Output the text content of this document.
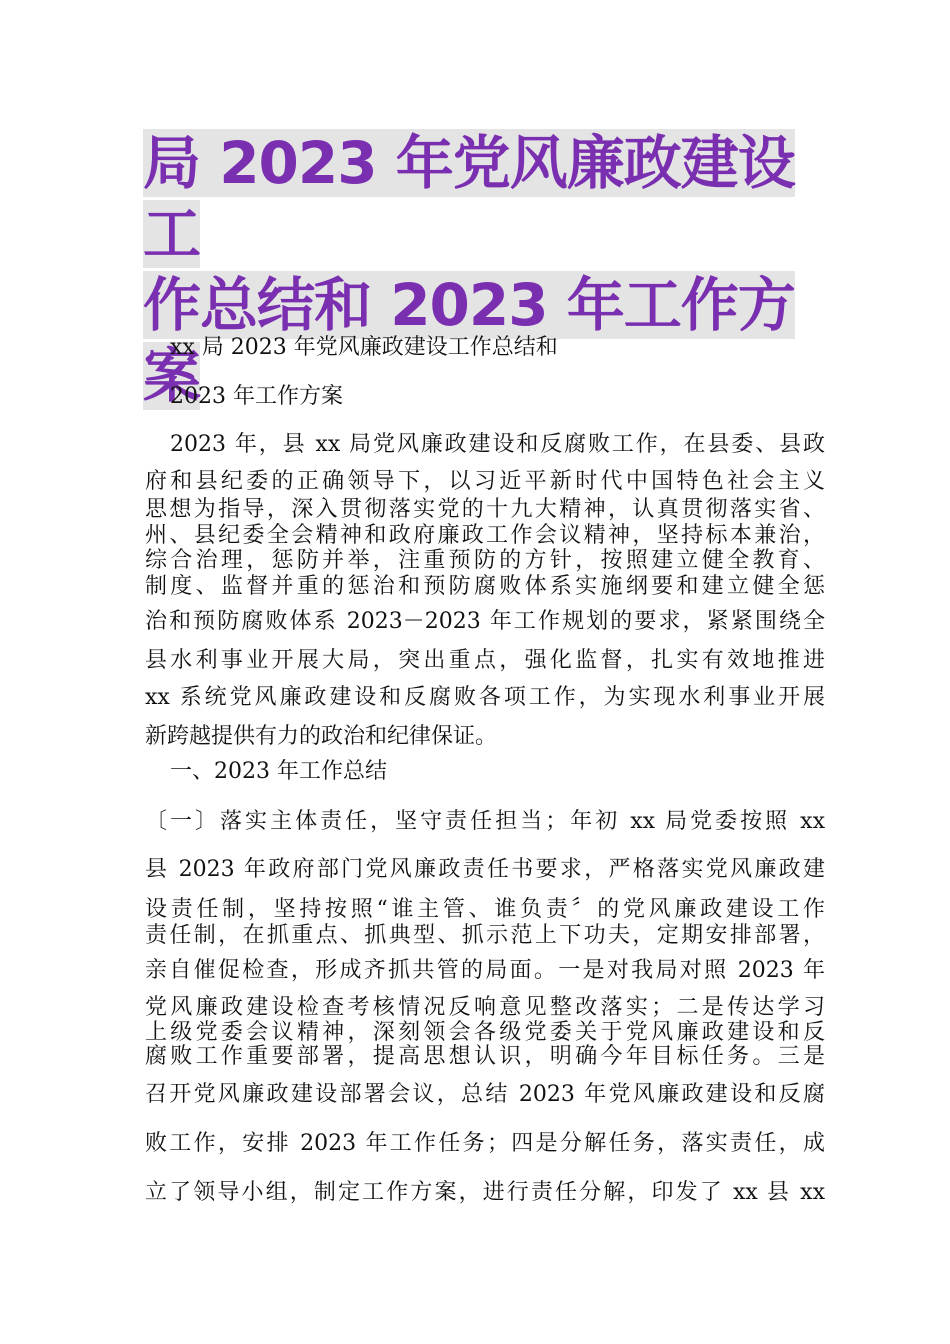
局 2023 年党风廉政建设工
作总结和 2023 年工作方案
xx 局 2023 年党风廉政建设工作总结和
2023 年工作方案
2023 年，县 xx 局党风廉政建设和反腐败工作，在县委、县政
府和县纪委的正确领导下，以习近平新时代中国特色社会主义
思想为指导，深入贯彻落实党的十九大精神，认真贯彻落实省、
州、县纪委全会精神和政府廉政工作会议精神，坚持标本兼治，
综合治理，惩防并举，注重预防的方针，按照建立健全教育、
制度、监督并重的惩治和预防腐败体系实施纲要和建立健全惩
治和预防腐败体系 2023－2023 年工作规划的要求，紧紧围绕全
县水利事业开展大局，突出重点，强化监督，扎实有效地推进
xx 系统党风廉政建设和反腐败各项工作，为实现水利事业开展
新跨越提供有力的政治和纪律保证。
一、2023 年工作总结
〔一〕落实主体责任，坚守责任担当；年初 xx 局党委按照 xx
县 2023 年政府部门党风廉政责任书要求，严格落实党风廉政建
设责任制，坚持按照“谁主管、谁负责〞的党风廉政建设工作
责任制，在抓重点、抓典型、抓示范上下功夫，定期安排部署，
亲自催促检查，形成齐抓共管的局面。一是对我局对照 2023 年
党风廉政建设检查考核情况反响意见整改落实；二是传达学习
上级党委会议精神，深刻领会各级党委关于党风廉政建设和反
腐败工作重要部署，提高思想认识，明确今年目标任务。三是
召开党风廉政建设部署会议，总结 2023 年党风廉政建设和反腐
败工作，安排 2023 年工作任务；四是分解任务，落实责任，成
立了领导小组，制定工作方案，进行责任分解，印发了 xx 县 xx
